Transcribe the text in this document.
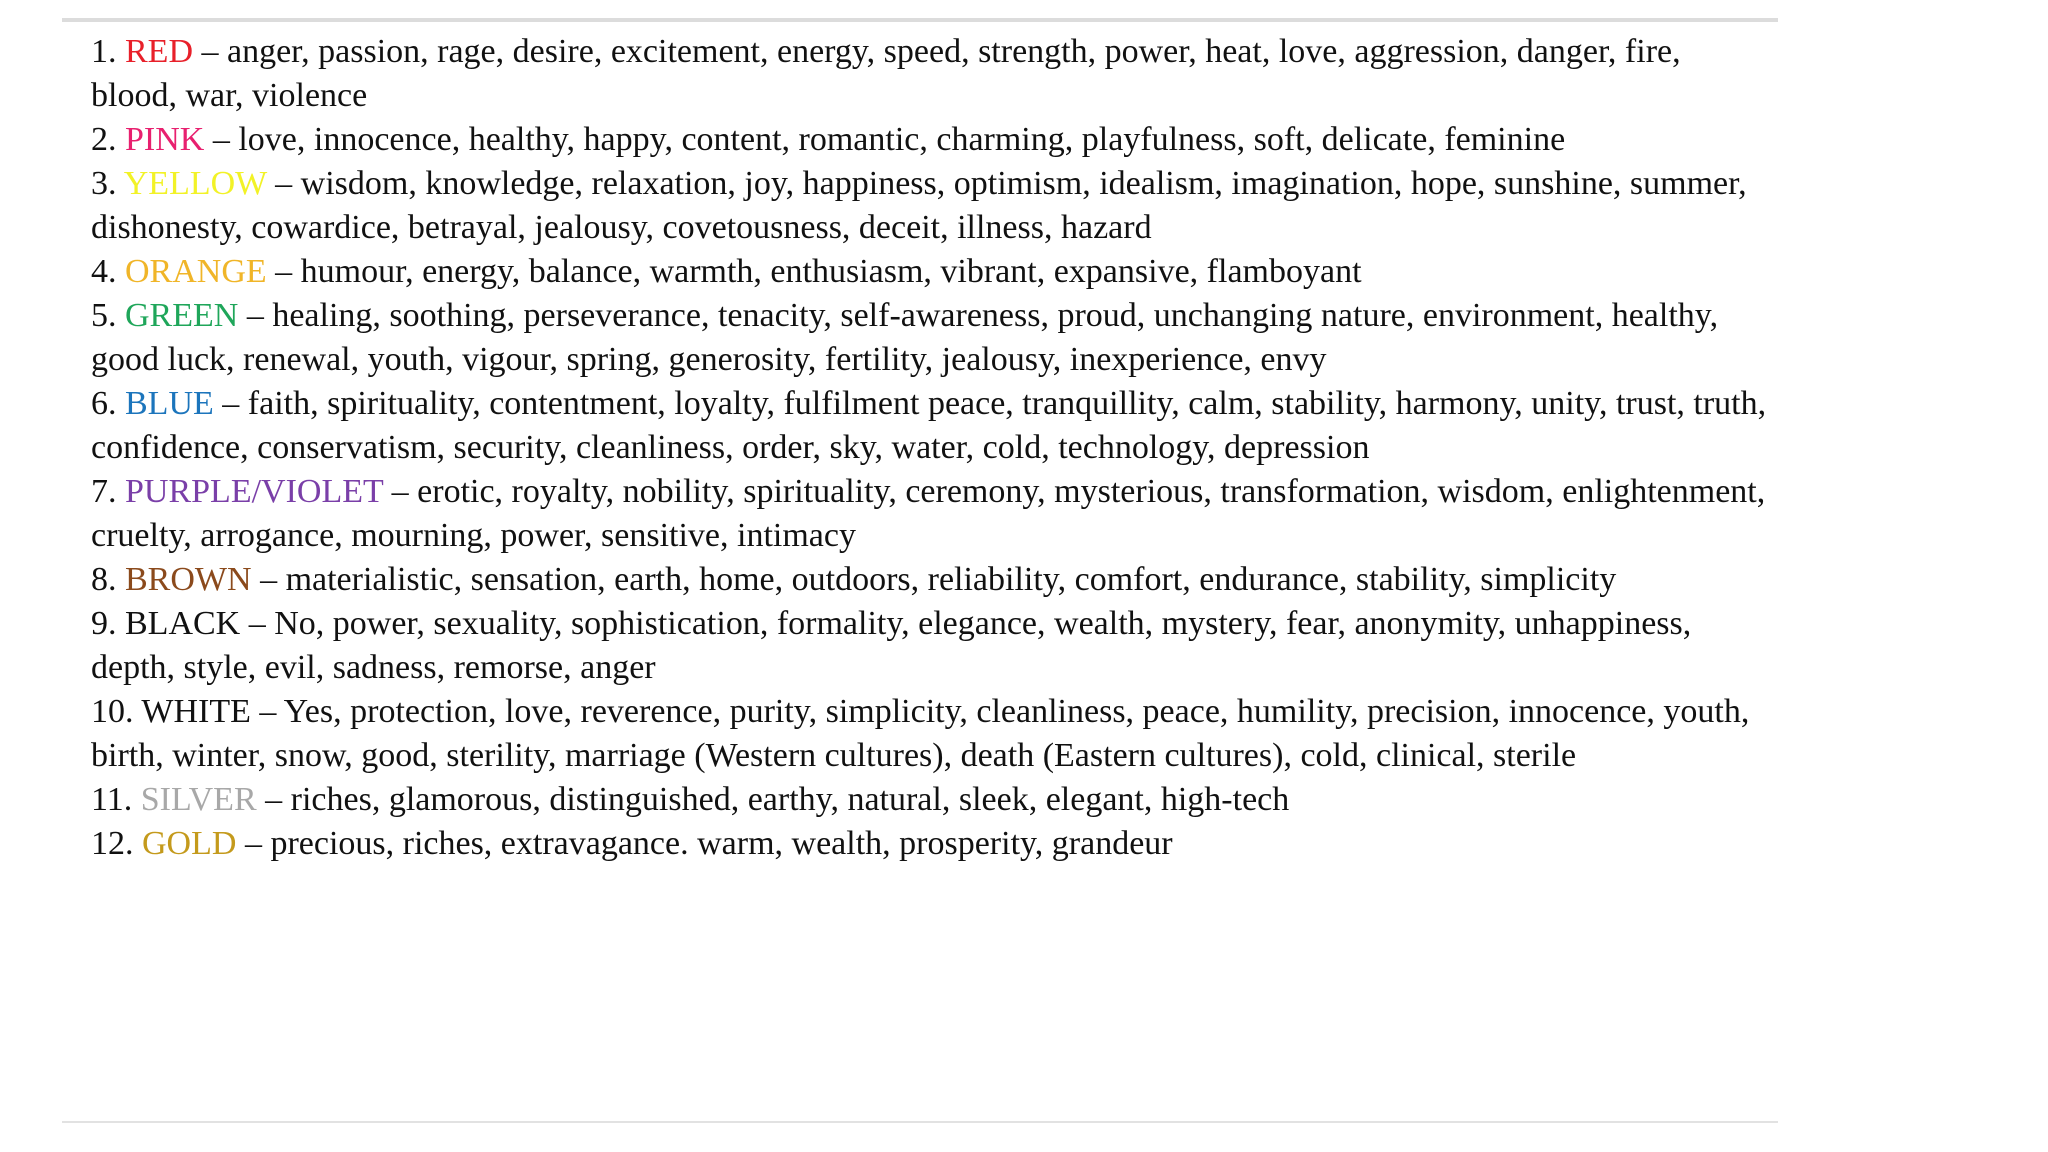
1. RED – anger, passion, rage, desire, excitement, energy, speed, strength, power, heat, love, aggression, danger, fire, blood, war, violence

2. PINK – love, innocence, healthy, happy, content, romantic, charming, playfulness, soft, delicate, feminine

3. YELLOW – wisdom, knowledge, relaxation, joy, happiness, optimism, idealism, imagination, hope, sunshine, summer, dishonesty, cowardice, betrayal, jealousy, covetousness, deceit, illness, hazard

4. ORANGE – humour, energy, balance, warmth, enthusiasm, vibrant, expansive, flamboyant

5. GREEN – healing, soothing, perseverance, tenacity, self-awareness, proud, unchanging nature, environment, healthy, good luck, renewal, youth, vigour, spring, generosity, fertility, jealousy, inexperience, envy

6. BLUE – faith, spirituality, contentment, loyalty, fulfilment peace, tranquillity, calm, stability, harmony, unity, trust, truth, confidence, conservatism, security, cleanliness, order, sky, water, cold, technology, depression

7. PURPLE/VIOLET – erotic, royalty, nobility, spirituality, ceremony, mysterious, transformation, wisdom, enlightenment, cruelty, arrogance, mourning, power, sensitive, intimacy

8. BROWN – materialistic, sensation, earth, home, outdoors, reliability, comfort, endurance, stability, simplicity

9. BLACK – No, power, sexuality, sophistication, formality, elegance, wealth, mystery, fear, anonymity, unhappiness, depth, style, evil, sadness, remorse, anger

10. WHITE – Yes, protection, love, reverence, purity, simplicity, cleanliness, peace, humility, precision, innocence, youth, birth, winter, snow, good, sterility, marriage (Western cultures), death (Eastern cultures), cold, clinical, sterile

11. SILVER – riches, glamorous, distinguished, earthy, natural, sleek, elegant, high-tech

12. GOLD – precious, riches, extravagance. warm, wealth, prosperity, grandeur
